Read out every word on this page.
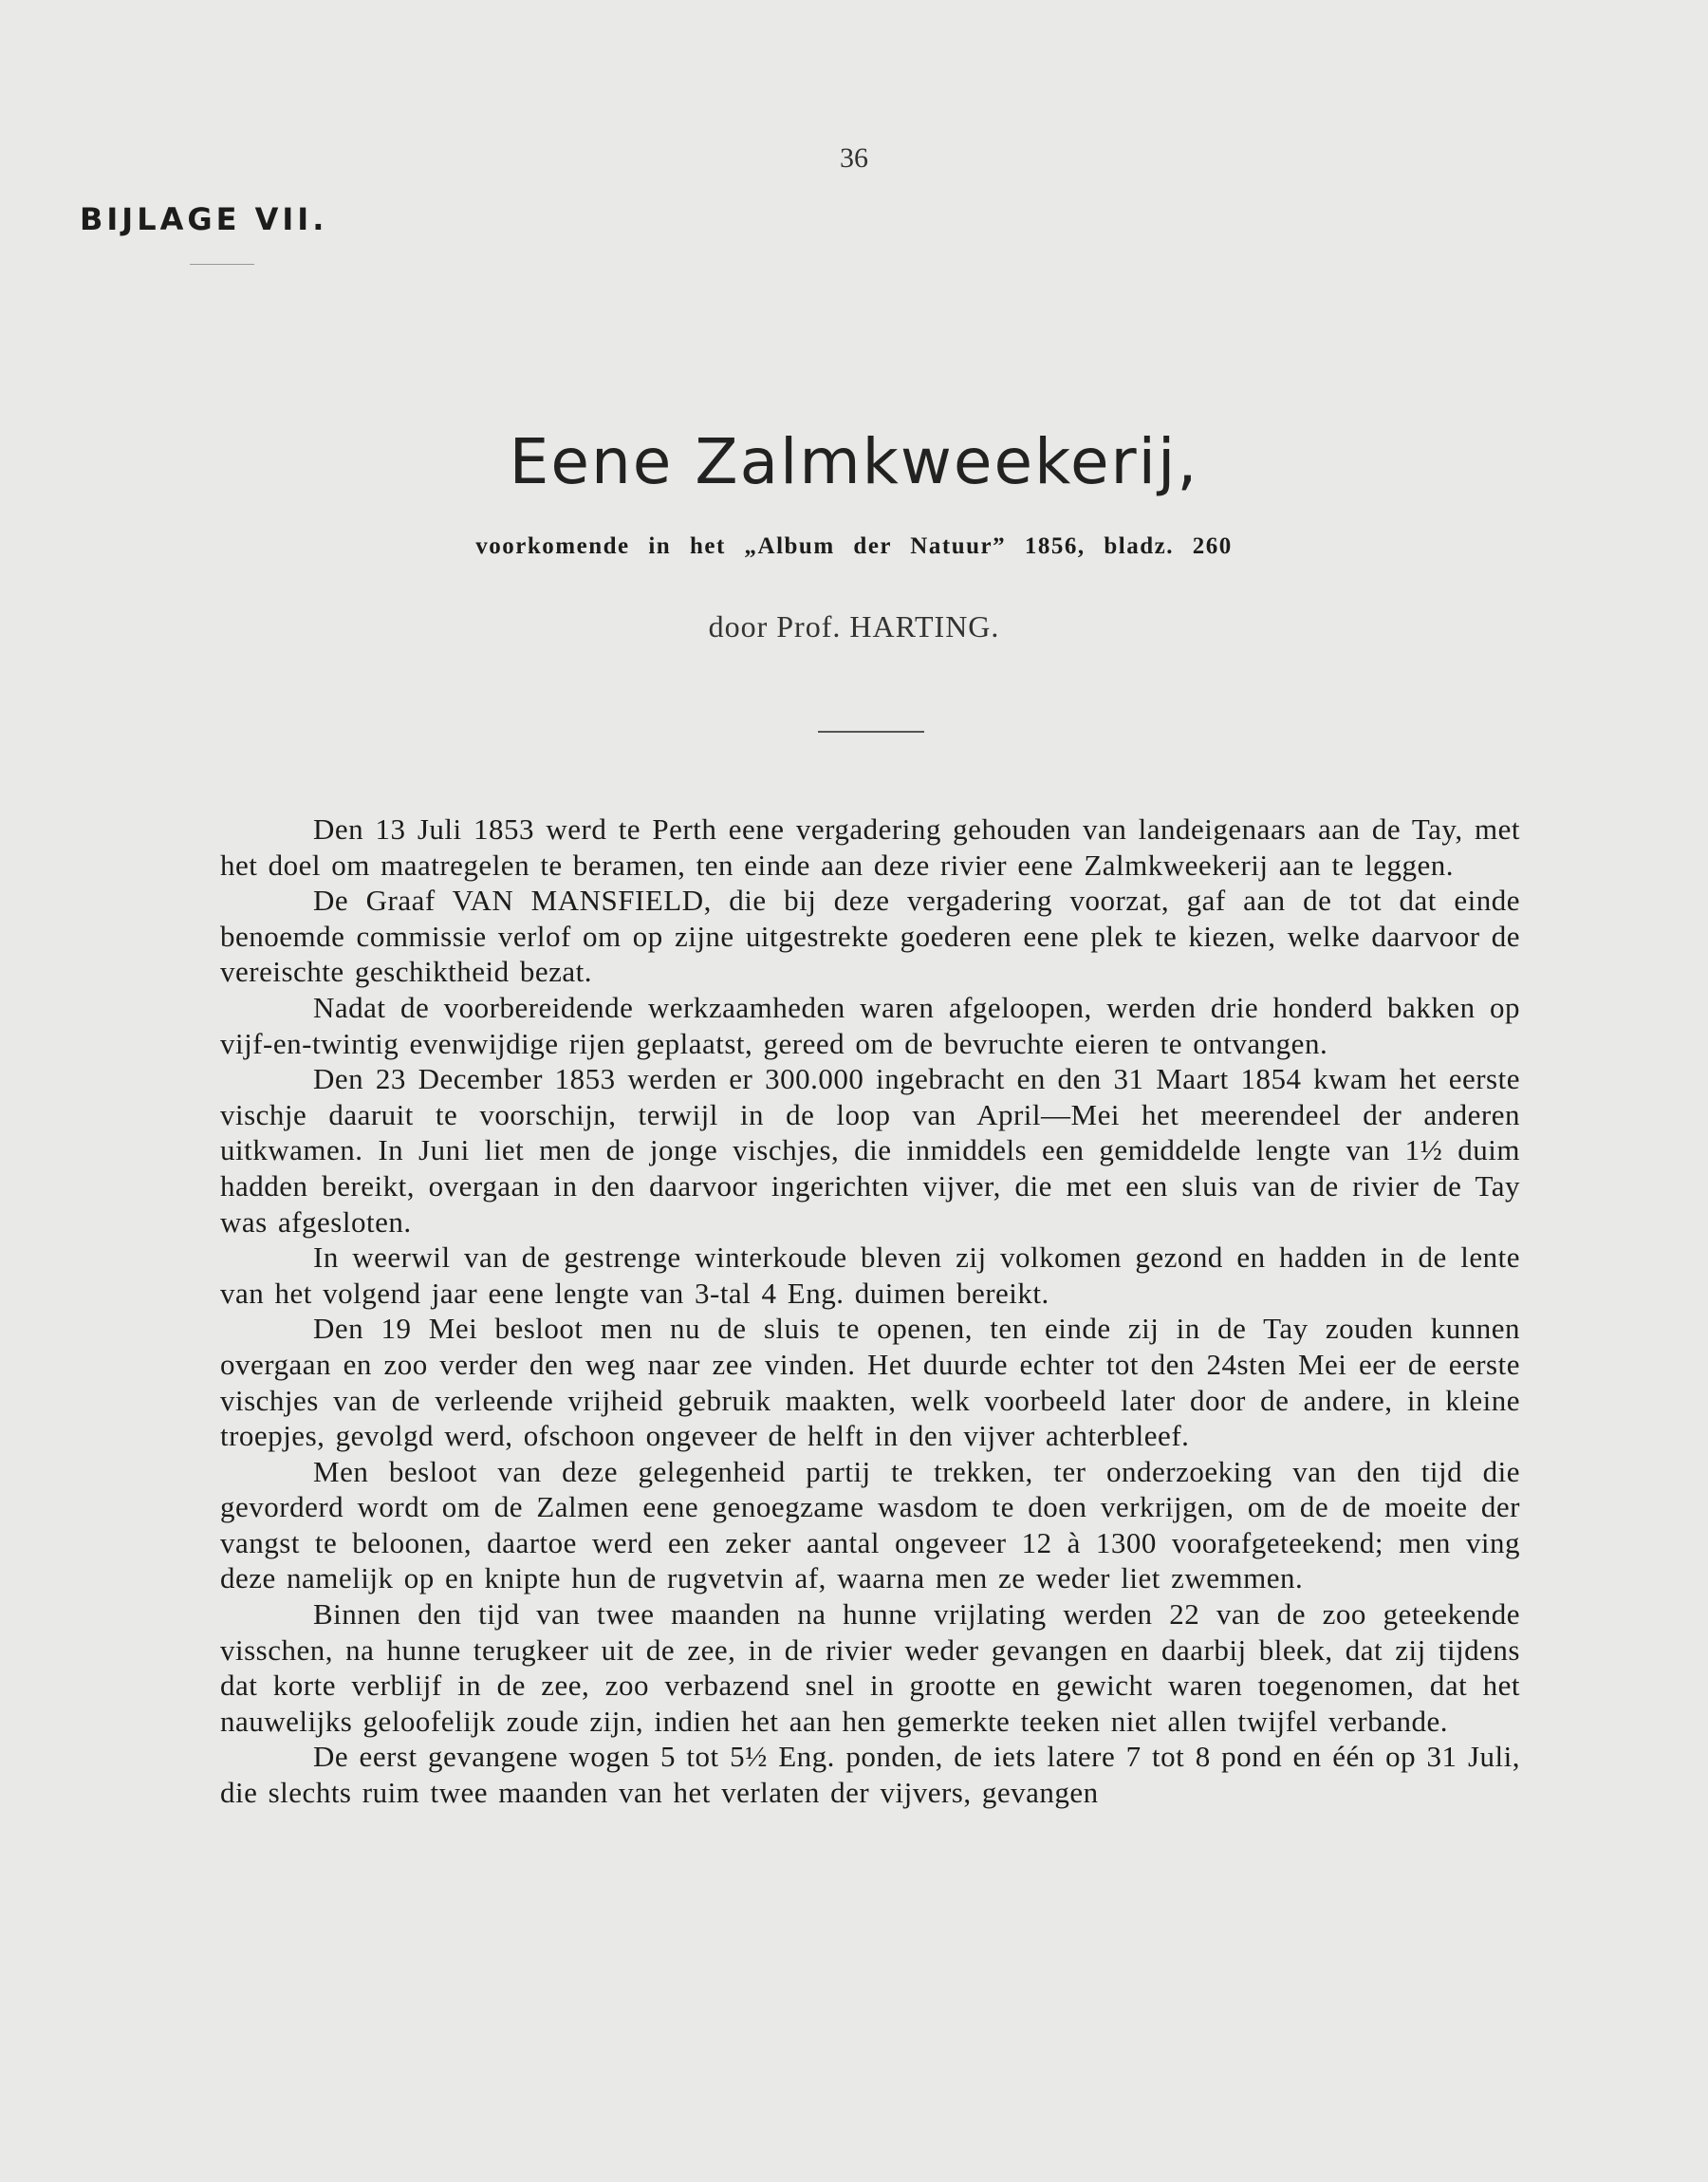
36
BIJLAGE VII.
Eene Zalmkweekerij,
voorkomende in het „Album der Natuur” 1856, bladz. 260
door Prof. HARTING.

Den 13 Juli 1853 werd te Perth eene vergadering gehouden van landeigenaars aan de Tay, met het doel om maatregelen te beramen, ten einde aan deze rivier eene Zalmkweekerij aan te leggen.

De Graaf VAN MANSFIELD, die bij deze vergadering voorzat, gaf aan de tot dat einde benoemde commissie verlof om op zijne uitgestrekte goederen eene plek te kiezen, welke daarvoor de vereischte geschiktheid bezat.

Nadat de voorbereidende werkzaamheden waren afgeloopen, werden drie honderd bakken op vijf-en-twintig evenwijdige rijen geplaatst, gereed om de bevruchte eieren te ontvangen.

Den 23 December 1853 werden er 300.000 ingebracht en den 31 Maart 1854 kwam het eerste vischje daaruit te voorschijn, terwijl in de loop van April—Mei het meerendeel der anderen uitkwamen. In Juni liet men de jonge vischjes, die inmiddels een gemiddelde lengte van 1½ duim hadden bereikt, overgaan in den daarvoor ingerichten vijver, die met een sluis van de rivier de Tay was afgesloten.

In weerwil van de gestrenge winterkoude bleven zij volkomen gezond en hadden in de lente van het volgend jaar eene lengte van 3-tal 4 Eng. duimen bereikt.

Den 19 Mei besloot men nu de sluis te openen, ten einde zij in de Tay zouden kunnen overgaan en zoo verder den weg naar zee vinden. Het duurde echter tot den 24sten Mei eer de eerste vischjes van de verleende vrijheid gebruik maakten, welk voorbeeld later door de andere, in kleine troepjes, gevolgd werd, ofschoon ongeveer de helft in den vijver achterbleef.

Men besloot van deze gelegenheid partij te trekken, ter onderzoeking van den tijd die gevorderd wordt om de Zalmen eene genoegzame wasdom te doen verkrijgen, om de de moeite der vangst te beloonen, daartoe werd een zeker aantal ongeveer 12 à 1300 voorafgeteekend; men ving deze namelijk op en knipte hun de rugvetvin af, waarna men ze weder liet zwemmen.

Binnen den tijd van twee maanden na hunne vrijlating werden 22 van de zoo geteekende visschen, na hunne terugkeer uit de zee, in de rivier weder gevangen en daarbij bleek, dat zij tijdens dat korte verblijf in de zee, zoo verbazend snel in grootte en gewicht waren toegenomen, dat het nauwelijks geloofelijk zoude zijn, indien het aan hen gemerkte teeken niet allen twijfel verbande.

De eerst gevangene wogen 5 tot 5½ Eng. ponden, de iets latere 7 tot 8 pond en één op 31 Juli, die slechts ruim twee maanden van het verlaten der vijvers, gevangen
